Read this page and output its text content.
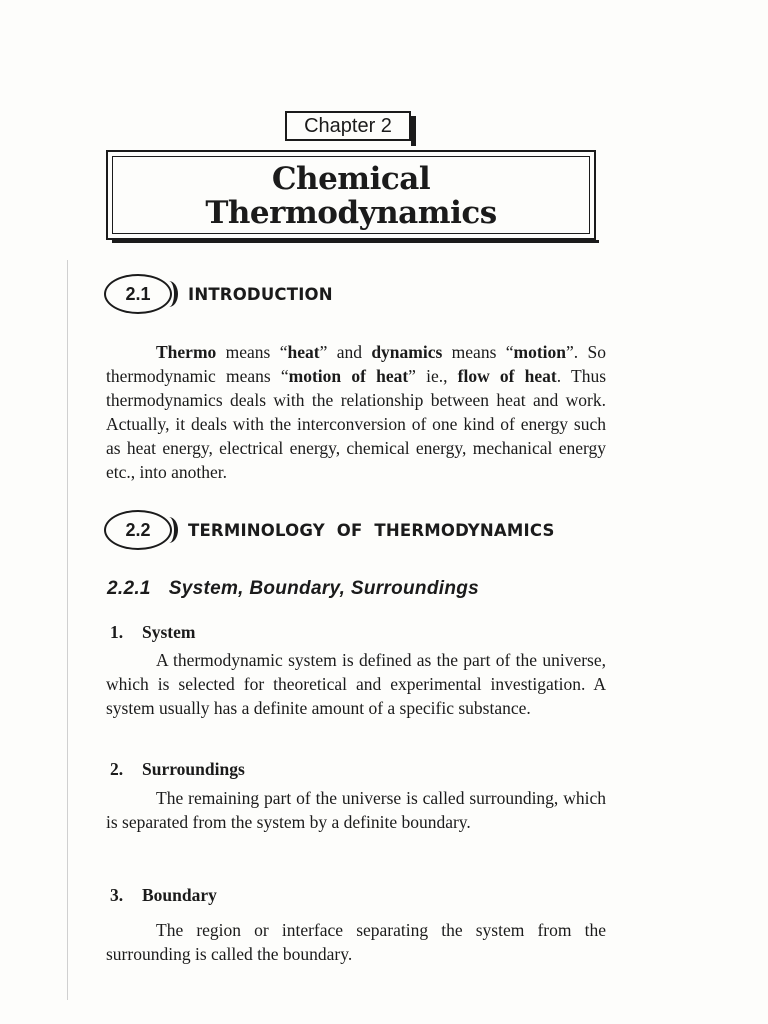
Chapter 2
Chemical
Thermodynamics
2.1	INTRODUCTION
Thermo means “heat” and dynamics means “motion”. So thermodynamic means “motion of heat” ie., flow of heat. Thus thermodynamics deals with the relationship between heat and work. Actually, it deals with the interconversion of one kind of energy such as heat energy, electrical energy, chemical energy, mechanical energy etc., into another.
2.2	TERMINOLOGY  OF  THERMODYNAMICS
2.2.1 System, Boundary, Surroundings
1. System
A thermodynamic system is defined as the part of the universe, which is selected for theoretical and experimental investigation. A system usually has a definite amount of a specific substance.
2. Surroundings
The remaining part of the universe is called surrounding, which is separated from the system by a definite boundary.
3. Boundary
The region or interface separating the system from the surrounding is called the boundary.
